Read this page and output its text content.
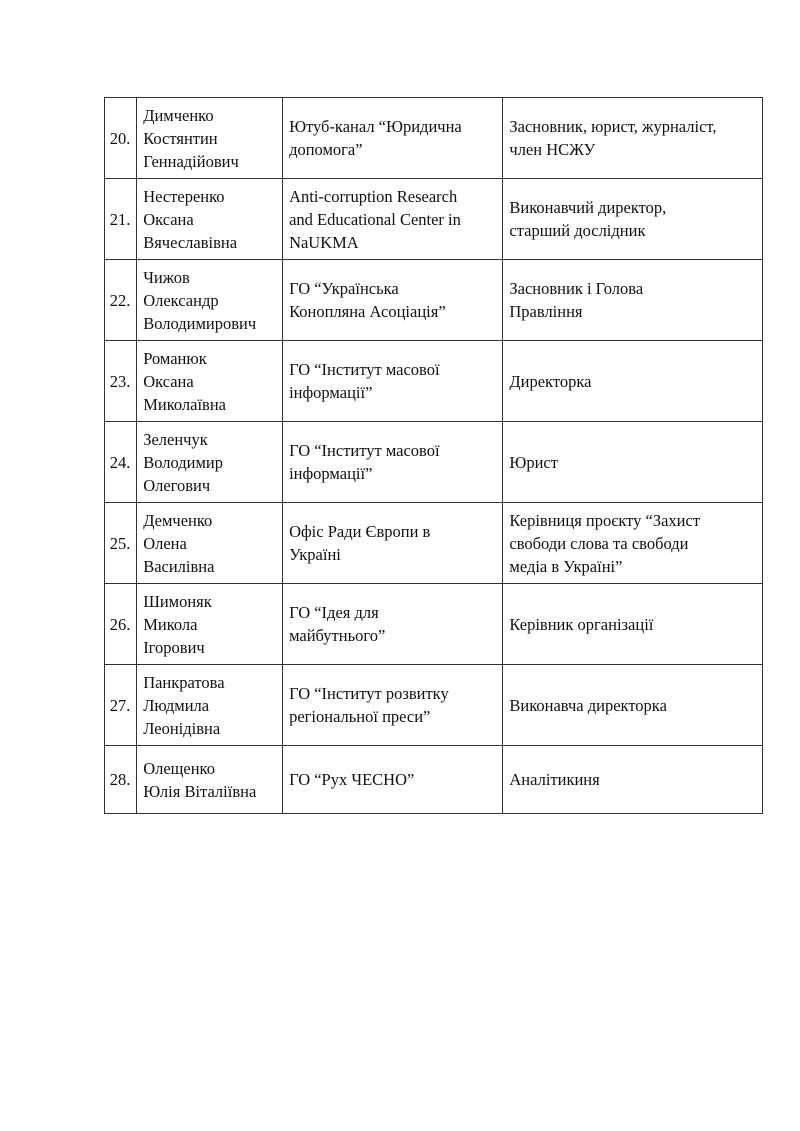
20.	Димченко
Костянтин
Геннадійович	Ютуб-канал “Юридична
допомога”	Засновник, юрист, журналіст,
член НСЖУ
21.	Нестеренко
Оксана
Вячеславівна	Anti-corruption Research
and Educational Center in
NaUKMA	Виконавчий директор,
старший дослідник
22.	Чижов
Олександр
Володимирович	ГО “Українська
Конопляна Асоціація”	Засновник і Голова
Правління
23.	Романюк
Оксана
Миколаївна	ГО “Інститут масової
інформації”	Директорка
24.	Зеленчук
Володимир
Олегович	ГО “Інститут масової
інформації”	Юрист
25.	Демченко
Олена
Василівна	Офіс Ради Європи в
Україні	Керівниця проєкту “Захист
свободи слова та свободи
медіа в Україні”
26.	Шимоняк
Микола
Ігорович	ГО “Ідея для
майбутнього”	Керівник організації
27.	Панкратова
Людмила
Леонідівна	ГО “Інститут розвитку
регіональної преси”	Виконавча директорка
28.	Олещенко
Юлія Віталіївна	ГО “Рух ЧЕСНО”	Аналітикиня
